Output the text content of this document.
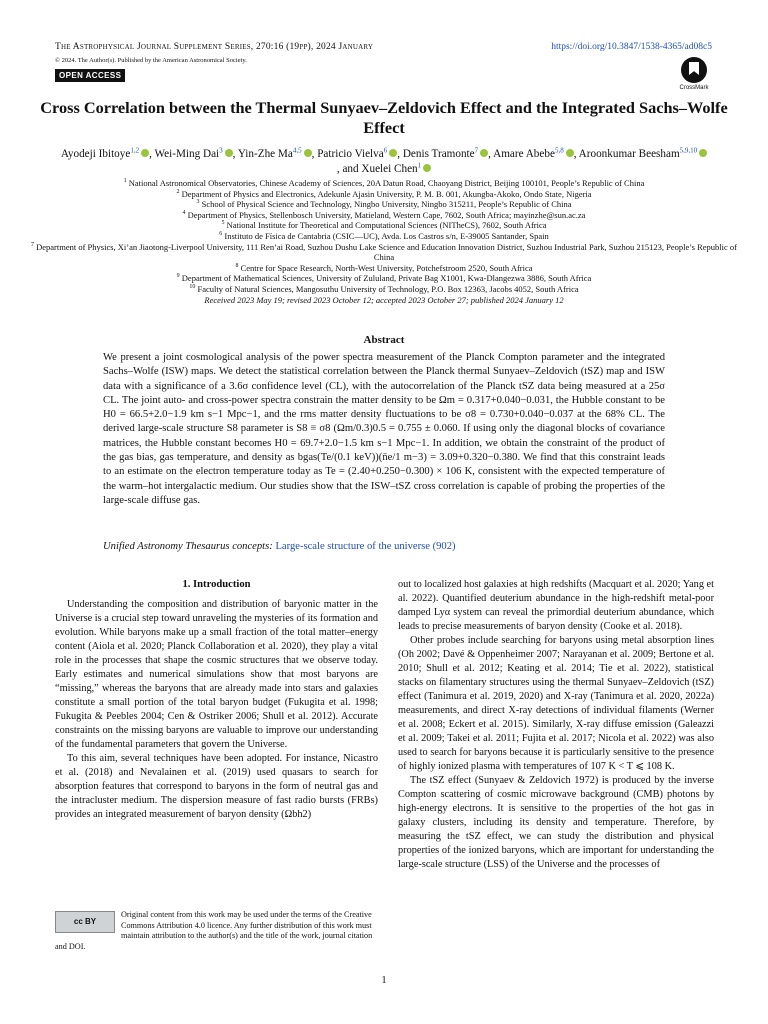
The Astrophysical Journal Supplement Series, 270:16 (19pp), 2024 January	https://doi.org/10.3847/1538-4365/ad08c5
© 2024. The Author(s). Published by the American Astronomical Society.
OPEN ACCESS
CrossMark
Cross Correlation between the Thermal Sunyaev–Zeldovich Effect and the Integrated Sachs–Wolfe Effect
Ayodeji Ibitoye$^{1,2}$ , Wei-Ming Dai$^3$ , Yin-Zhe Ma$^{4,5}$ , Patricio Vielva$^6$ , Denis Tramonte$^7$ , Amare Abebe$^{5,8}$ , Aroonkumar Beesham$^{5,9,10}$, and Xuelei Chen$^1$
$^1$ National Astronomical Observatories, Chinese Academy of Sciences, 20A Datun Road, Chaoyang District, Beijing 100101, People’s Republic of China
$^2$ Department of Physics and Electronics, Adekunle Ajasin University, P. M. B. 001, Akungba-Akoko, Ondo State, Nigeria
$^3$ School of Physical Science and Technology, Ningbo University, Ningbo 315211, People’s Republic of China
$^4$ Department of Physics, Stellenbosch University, Matieland, Western Cape, 7602, South Africa; mayinzhe@sun.ac.za
$^5$ National Institute for Theoretical and Computational Sciences (NITheCS), 7602, South Africa
$^6$ Instituto de Física de Cantabria (CSIC—UC), Avda. Los Castros s/n, E-39005 Santander, Spain
$^7$ Department of Physics, Xi’an Jiaotong-Liverpool University, 111 Ren’ai Road, Suzhou Dushu Lake Science and Education Innovation District, Suzhou Industrial Park, Suzhou 215123, People’s Republic of China
$^8$ Centre for Space Research, North-West University, Potchefstroom 2520, South Africa
$^9$ Department of Mathematical Sciences, University of Zululand, Private Bag X1001, Kwa-Dlangezwa 3886, South Africa
$^{10}$ Faculty of Natural Sciences, Mangosuthu University of Technology, P.O. Box 12363, Jacobs 4052, South Africa
Received 2023 May 19; revised 2023 October 12; accepted 2023 October 27; published 2024 January 12
Abstract
We present a joint cosmological analysis of the power spectra measurement of the Planck Compton parameter and the integrated Sachs–Wolfe (ISW) maps. We detect the statistical correlation between the Planck thermal Sunyaev–Zeldovich (tSZ) map and ISW data with a significance of a 3.6σ confidence level (CL), with the autocorrelation of the Planck tSZ data being measured at a 25σ CL. The joint auto- and cross-power spectra constrain the matter density to be Ωm = 0.317+0.040−0.031, the Hubble constant to be H0 = 66.5+2.0−1.9 km s−1 Mpc−1, and the rms matter density fluctuations to be σ8 = 0.730+0.040−0.037 at the 68% CL. The derived large-scale structure S8 parameter is S8 ≡ σ8 (Ωm/0.3)0.5 = 0.755 ± 0.060. If using only the diagonal blocks of covariance matrices, the Hubble constant becomes H0 = 69.7+2.0−1.5 km s−1 Mpc−1. In addition, we obtain the constraint of the product of the gas bias, gas temperature, and density as bgas(Te/(0.1 keV))(n̄e/1 m−3) = 3.09+0.320−0.380. We find that this constraint leads to an estimate on the electron temperature today as Te = (2.40+0.250−0.300) × 106 K, consistent with the expected temperature of the warm–hot intergalactic medium. Our studies show that the ISW–tSZ cross correlation is capable of probing the properties of the large-scale diffuse gas.
Unified Astronomy Thesaurus concepts: Large-scale structure of the universe (902)
1. Introduction

Understanding the composition and distribution of baryonic matter in the Universe is a crucial step toward unraveling the mysteries of its formation and evolution. While baryons make up a small fraction of the total matter–energy content (Aiola et al. 2020; Planck Collaboration et al. 2020), they play a vital role in the processes that shape the cosmic structures that we observe today. Early estimates and numerical simulations show that most baryons are “missing,” whereas the baryons that are already made into stars and galaxies constitute a small portion of the total baryon budget (Fukugita et al. 1998; Fukugita & Peebles 2004; Cen & Ostriker 2006; Shull et al. 2012). Accurate constraints on the missing baryons are valuable to improve our understanding of the fundamental parameters that govern the Universe.

To this aim, several techniques have been adopted. For instance, Nicastro et al. (2018) and Nevalainen et al. (2019) used quasars to search for absorption features that correspond to baryons in the form of neutral gas and the intracluster medium. The dispersion measure of fast radio bursts (FRBs) provides an integrated measurement of baryon density (Ωbh2)

out to localized host galaxies at high redshifts (Macquart et al. 2020; Yang et al. 2022). Quantified deuterium abundance in the high-redshift metal-poor damped Lyα system can reveal the primordial deuterium abundance, which leads to precise measurements of baryon density (Cooke et al. 2018).

Other probes include searching for baryons using metal absorption lines (Oh 2002; Davé & Oppenheimer 2007; Narayanan et al. 2009; Bertone et al. 2010; Shull et al. 2012; Keating et al. 2014; Tie et al. 2022), statistical stacks on filamentary structures using the thermal Sunyaev–Zeldovich (tSZ) effect (Tanimura et al. 2019, 2020) and X-ray (Tanimura et al. 2020, 2022a) measurements, and direct X-ray detections of individual filaments (Werner et al. 2008; Eckert et al. 2015). Similarly, X-ray diffuse emission (Galeazzi et al. 2009; Takei et al. 2011; Fujita et al. 2017; Nicola et al. 2022) was also used to search for baryons because it is particularly sensitive to the presence of highly ionized plasma with temperatures of 107 K < T ⩽ 108 K.

The tSZ effect (Sunyaev & Zeldovich 1972) is produced by the inverse Compton scattering of cosmic microwave background (CMB) photons by high-energy electrons. It is sensitive to the properties of the hot gas in galaxy clusters, including its density and temperature. Therefore, by measuring the tSZ effect, we can study the distribution and physical properties of the ionized baryons, which are important for understanding the large-scale structure (LSS) of the Universe and the processes of

cc BY
Original content from this work may be used under the terms of the Creative Commons Attribution 4.0 licence. Any further distribution of this work must maintain attribution to the author(s) and the title of the work, journal citation and DOI.
1
